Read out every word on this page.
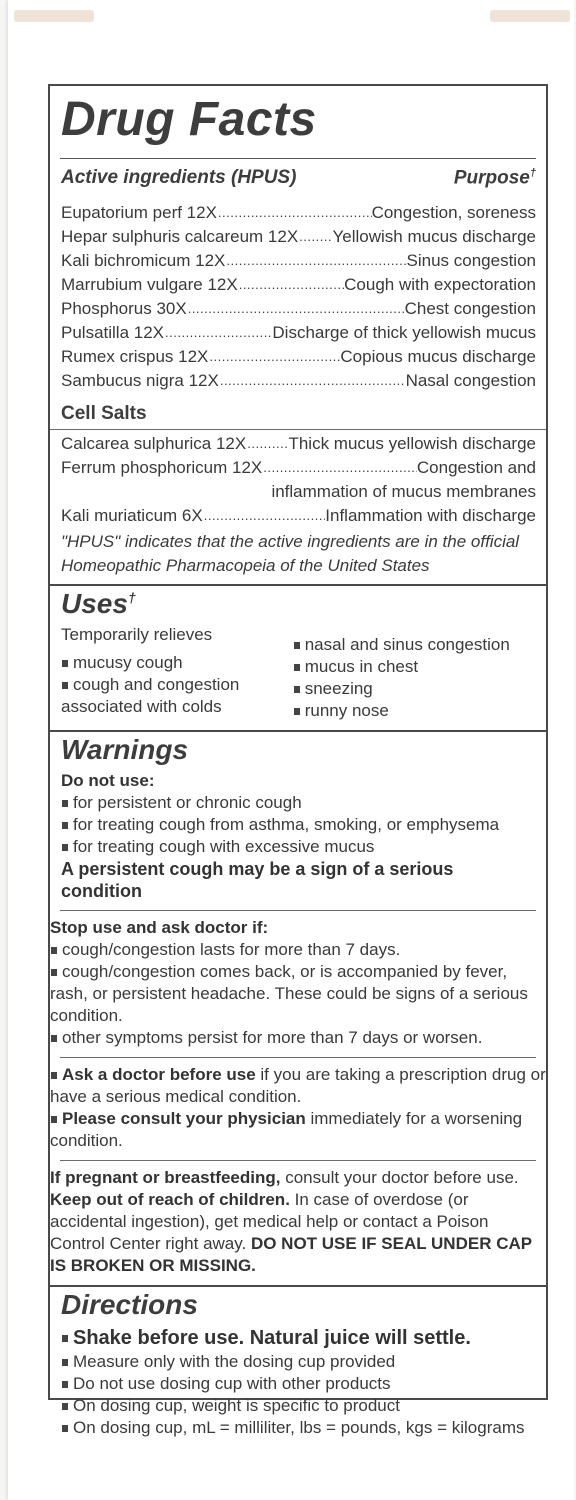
Drug Facts
Active ingredients (HPUS)	Purpose†
Eupatorium perf 12X .....	Congestion, soreness
Hepar sulphuris calcareum 12X ..... Yellowish mucus discharge
Kali bichromicum 12X .....	Sinus congestion
Marrubium vulgare 12X .....	Cough with expectoration
Phosphorus 30X .....	Chest congestion
Pulsatilla 12X .....	Discharge of thick yellowish mucus
Rumex crispus 12X .....	Copious mucus discharge
Sambucus nigra 12X .....	Nasal congestion
Cell Salts
Calcarea sulphurica 12X ..... Thick mucus yellowish discharge
Ferrum phosphoricum 12X .....	Congestion and
inflammation of mucus membranes
Kali muriaticum 6X .....	Inflammation with discharge
"HPUS" indicates that the active ingredients are in the official Homeopathic Pharmacopeia of the United States
Uses†
Temporarily relieves
mucusy cough
cough and congestion
associated with colds
nasal and sinus congestion
mucus in chest
sneezing
runny nose
Warnings
Do not use:
for persistent or chronic cough
for treating cough from asthma, smoking, or emphysema
for treating cough with excessive mucus
A persistent cough may be a sign of a serious condition
Stop use and ask doctor if:
cough/congestion lasts for more than 7 days.
cough/congestion comes back, or is accompanied by fever, rash, or persistent headache. These could be signs of a serious condition.
other symptoms persist for more than 7 days or worsen.
Ask a doctor before use if you are taking a prescription drug or have a serious medical condition.
Please consult your physician immediately for a worsening condition.
If pregnant or breastfeeding, consult your doctor before use.
Keep out of reach of children. In case of overdose (or accidental ingestion), get medical help or contact a Poison Control Center right away. DO NOT USE IF SEAL UNDER CAP IS BROKEN OR MISSING.
Directions
Shake before use. Natural juice will settle.
Measure only with the dosing cup provided
Do not use dosing cup with other products
On dosing cup, weight is specific to product
On dosing cup, mL = milliliter, lbs = pounds, kgs = kilograms
